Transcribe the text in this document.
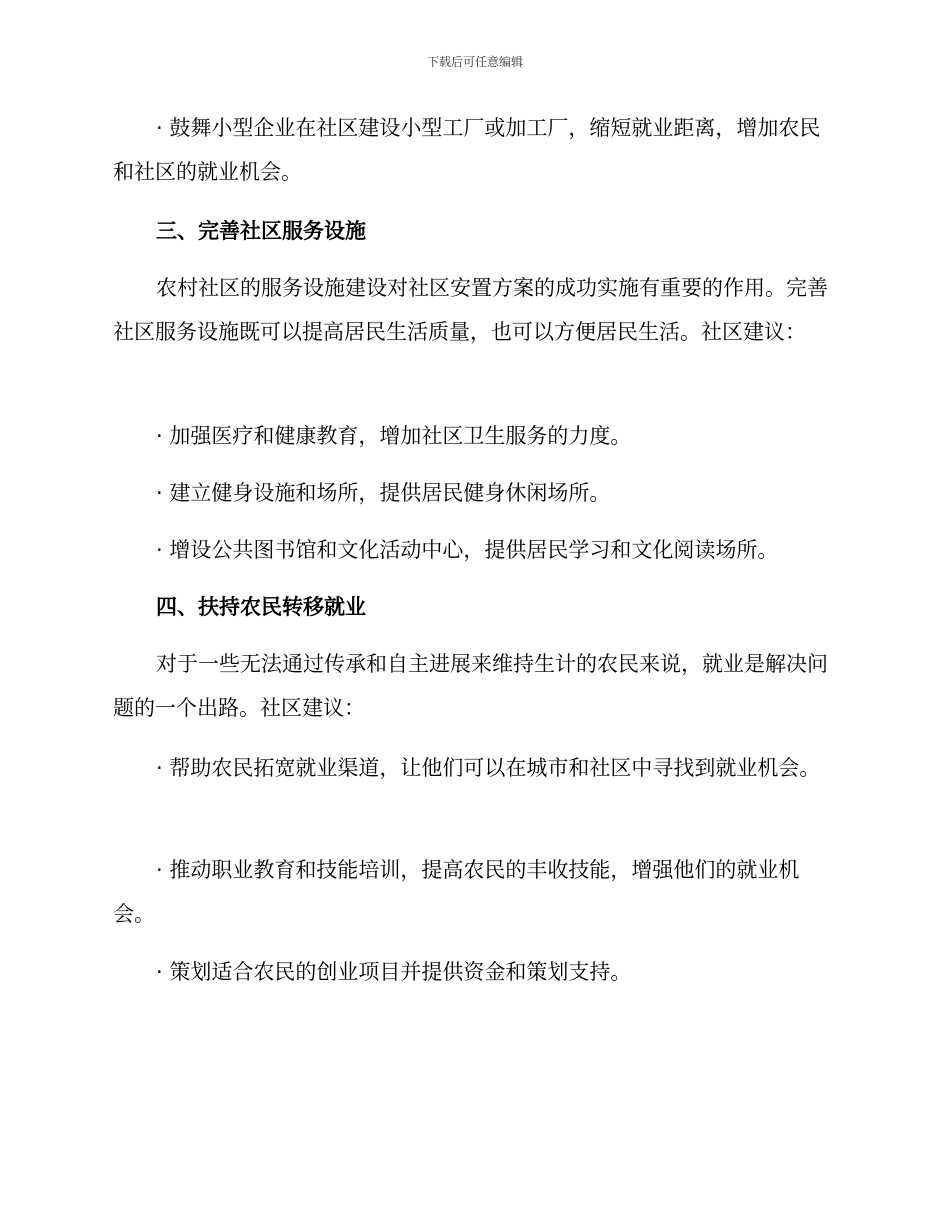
下载后可任意编辑

· 鼓舞小型企业在社区建设小型工厂或加工厂，缩短就业距离，增加农民和社区的就业机会。

三、完善社区服务设施

农村社区的服务设施建设对社区安置方案的成功实施有重要的作用。完善社区服务设施既可以提高居民生活质量，也可以方便居民生活。社区建议：

· 加强医疗和健康教育，增加社区卫生服务的力度。

· 建立健身设施和场所，提供居民健身休闲场所。

· 增设公共图书馆和文化活动中心，提供居民学习和文化阅读场所。

四、扶持农民转移就业

对于一些无法通过传承和自主进展来维持生计的农民来说，就业是解决问题的一个出路。社区建议：

· 帮助农民拓宽就业渠道，让他们可以在城市和社区中寻找到就业机会。

· 推动职业教育和技能培训，提高农民的丰收技能，增强他们的就业机会。

· 策划适合农民的创业项目并提供资金和策划支持。
